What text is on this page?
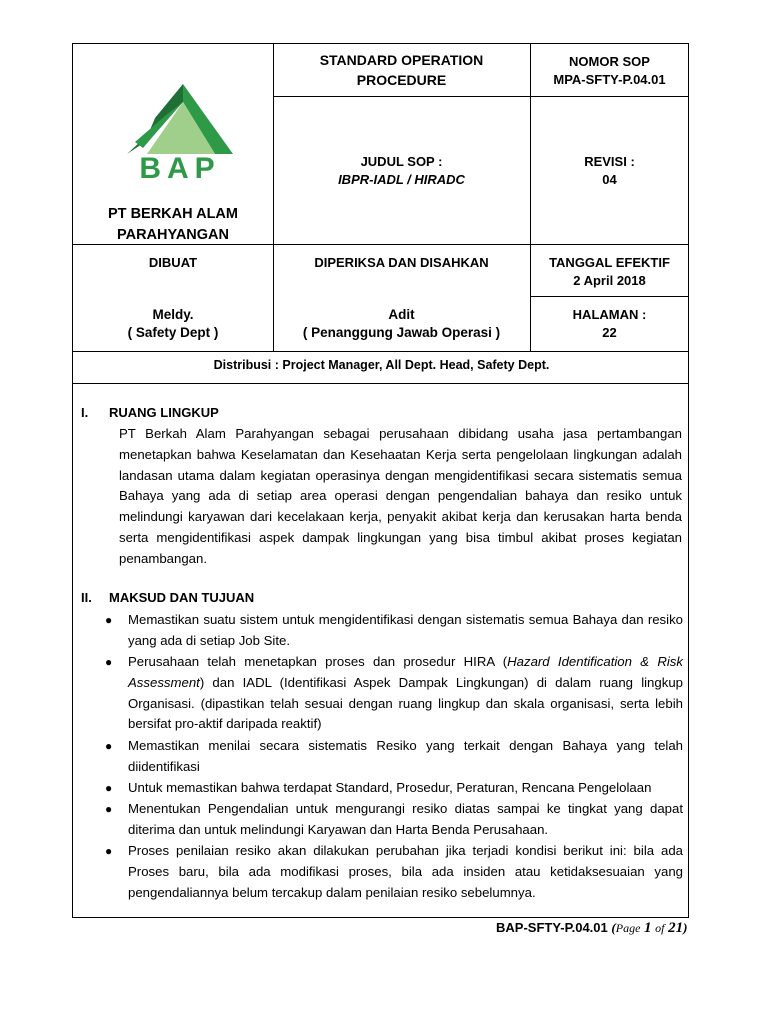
BAP
PT BERKAH ALAM
PARAHYANGAN
STANDARD OPERATION
PROCEDURE
NOMOR SOP
MPA-SFTY-P.04.01
JUDUL SOP :
IBPR-IADL / HIRADC
REVISI :
04
DIBUAT
Meldy.
( Safety Dept )
DIPERIKSA DAN DISAHKAN
Adit
( Penanggung Jawab Operasi )
TANGGAL EFEKTIF
2 April 2018
HALAMAN :
22
Distribusi : Project Manager, All Dept. Head, Safety Dept.
I. RUANG LINGKUP
PT Berkah Alam Parahyangan sebagai perusahaan dibidang usaha jasa pertambangan menetapkan bahwa Keselamatan dan Kesehaatan Kerja serta pengelolaan lingkungan adalah landasan utama dalam kegiatan operasinya dengan mengidentifikasi secara sistematis semua Bahaya yang ada di setiap area operasi dengan pengendalian bahaya dan resiko untuk melindungi karyawan dari kecelakaan kerja, penyakit akibat kerja dan kerusakan harta benda serta mengidentifikasi aspek dampak lingkungan yang bisa timbul akibat proses kegiatan penambangan.
II. MAKSUD DAN TUJUAN
● Memastikan suatu sistem untuk mengidentifikasi dengan sistematis semua Bahaya dan resiko yang ada di setiap Job Site.
● Perusahaan telah menetapkan proses dan prosedur HIRA (Hazard Identification & Risk Assessment) dan IADL (Identifikasi Aspek Dampak Lingkungan) di dalam ruang lingkup Organisasi. (dipastikan telah sesuai dengan ruang lingkup dan skala organisasi, serta lebih bersifat pro-aktif daripada reaktif)
● Memastikan menilai secara sistematis Resiko yang terkait dengan Bahaya yang telah diidentifikasi
● Untuk memastikan bahwa terdapat Standard, Prosedur, Peraturan, Rencana Pengelolaan
● Menentukan Pengendalian untuk mengurangi resiko diatas sampai ke tingkat yang dapat diterima dan untuk melindungi Karyawan dan Harta Benda Perusahaan.
● Proses penilaian resiko akan dilakukan perubahan jika terjadi kondisi berikut ini: bila ada Proses baru, bila ada modifikasi proses, bila ada insiden atau ketidaksesuaian yang pengendaliannya belum tercakup dalam penilaian resiko sebelumnya.
BAP-SFTY-P.04.01 (Page 1 of 21)
